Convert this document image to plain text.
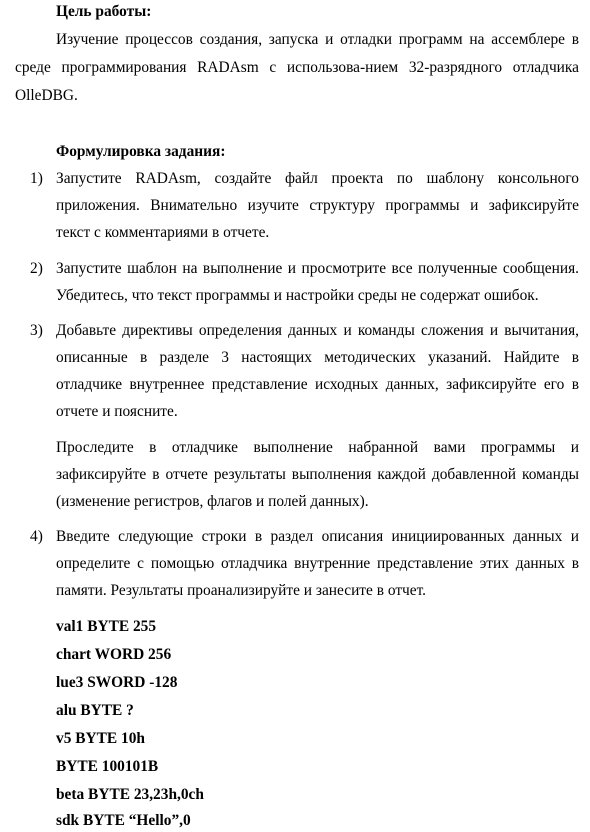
Цель работы:
Изучение процессов создания, запуска и отладки программ на ассемблере в
среде программирования RADAsm с использова-нием 32-разрядного отладчика
OlleDBG.
Формулировка задания:
1) Запустите RADAsm, создайте файл проекта по шаблону консольного
приложения. Внимательно изучите структуру программы и зафиксируйте
текст с комментариями в отчете.
2) Запустите шаблон на выполнение и просмотрите все полученные сообщения.
Убедитесь, что текст программы и настройки среды не содержат ошибок.
3) Добавьте директивы определения данных и команды сложения и вычитания,
описанные в разделе 3 настоящих методических указаний. Найдите в
отладчике внутреннее представление исходных данных, зафиксируйте его в
отчете и поясните.
Проследите в отладчике выполнение набранной вами программы и
зафиксируйте в отчете результаты выполнения каждой добавленной команды
(изменение регистров, флагов и полей данных).
4) Введите следующие строки в раздел описания инициированных данных и
определите с помощью отладчика внутренние представление этих данных в
памяти. Результаты проанализируйте и занесите в отчет.
val1 BYTE 255
chart WORD 256
lue3 SWORD -128
alu BYTE ?
v5 BYTE 10h
BYTE 100101B
beta BYTE 23,23h,0ch
sdk BYTE “Hello”,0
